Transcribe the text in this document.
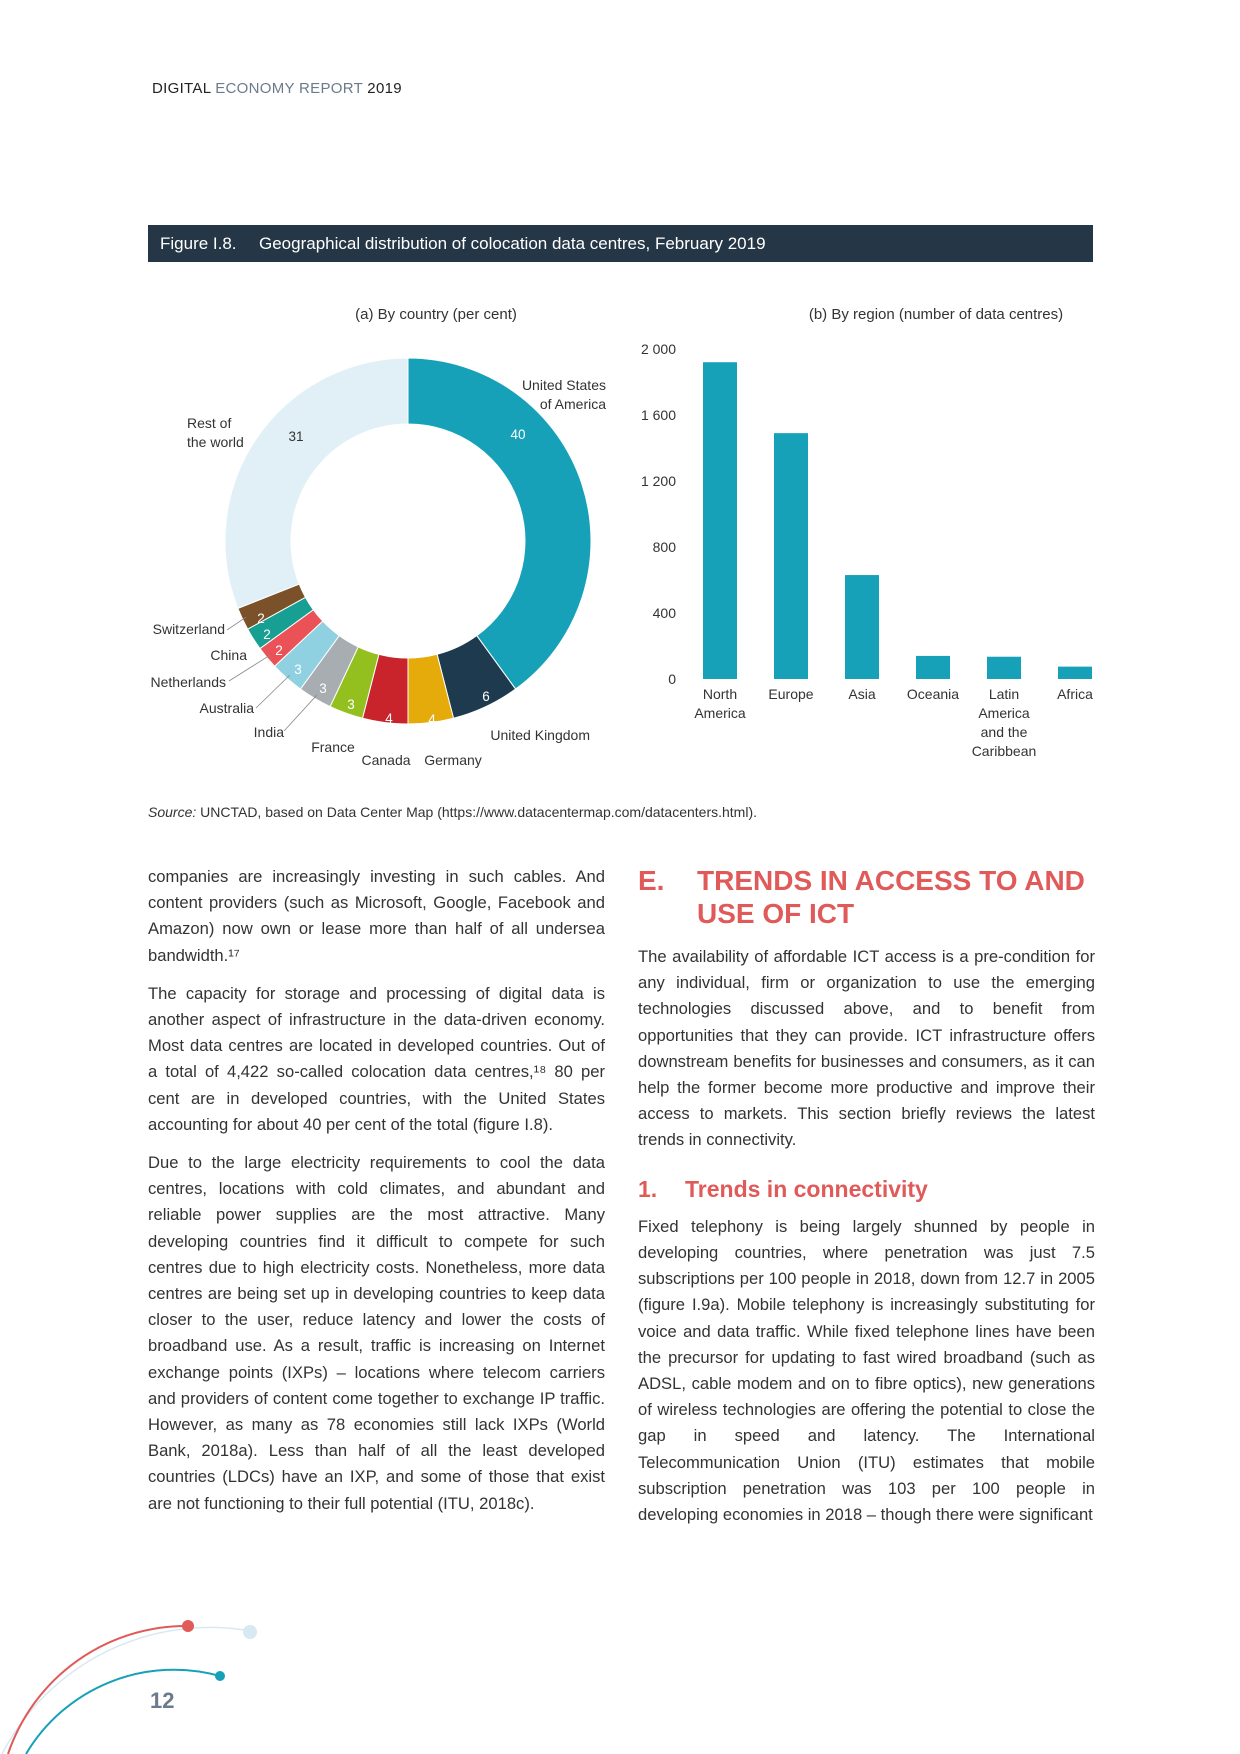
DIGITAL ECONOMY REPORT 2019
Figure I.8.	Geographical distribution of colocation data centres, February 2019
(a) By country (per cent)
40
6
4
4
3
3
3
2
2
2
31
United States of America
United Kingdom
Germany
Canada
France
India
Australia
Netherlands
China
Switzerland
Rest of the world
(b) By region (number of data centres)
0
400
800
1 200
1 600
2 000
North America
Europe Asia Oceania	Latin America and the Caribbean
Africa
Source: UNCTAD, based on Data Center Map (https://www.datacentermap.com/datacenters.html).

companies are increasingly investing in such cables. And content providers (such as Microsoft, Google, Facebook and Amazon) now own or lease more than half of all undersea bandwidth.¹⁷

The capacity for storage and processing of digital data is another aspect of infrastructure in the data-driven economy. Most data centres are located in developed countries. Out of a total of 4,422 so-called colocation data centres,¹⁸ 80 per cent are in developed countries, with the United States accounting for about 40 per cent of the total (figure I.8).

Due to the large electricity requirements to cool the data centres, locations with cold climates, and abundant and reliable power supplies are the most attractive. Many developing countries find it difficult to compete for such centres due to high electricity costs. Nonetheless, more data centres are being set up in developing countries to keep data closer to the user, reduce latency and lower the costs of broadband use. As a result, traffic is increasing on Internet exchange points (IXPs) – locations where telecom carriers and providers of content come together to exchange IP traffic. However, as many as 78 economies still lack IXPs (World Bank, 2018a). Less than half of all the least developed countries (LDCs) have an IXP, and some of those that exist are not functioning to their full potential (ITU, 2018c).

E.	TRENDS IN ACCESS TO AND USE OF ICT

The availability of affordable ICT access is a pre-condition for any individual, firm or organization to use the emerging technologies discussed above, and to benefit from opportunities that they can provide. ICT infrastructure offers downstream benefits for businesses and consumers, as it can help the former become more productive and improve their access to markets. This section briefly reviews the latest trends in connectivity.

1.	Trends in connectivity

Fixed telephony is being largely shunned by people in developing countries, where penetration was just 7.5 subscriptions per 100 people in 2018, down from 12.7 in 2005 (figure I.9a). Mobile telephony is increasingly substituting for voice and data traffic. While fixed telephone lines have been the precursor for updating to fast wired broadband (such as ADSL, cable modem and on to fibre optics), new generations of wireless technologies are offering the potential to close the gap in speed and latency. The International Telecommunication Union (ITU) estimates that mobile subscription penetration was 103 per 100 people in developing economies in 2018 – though there were significant

12
